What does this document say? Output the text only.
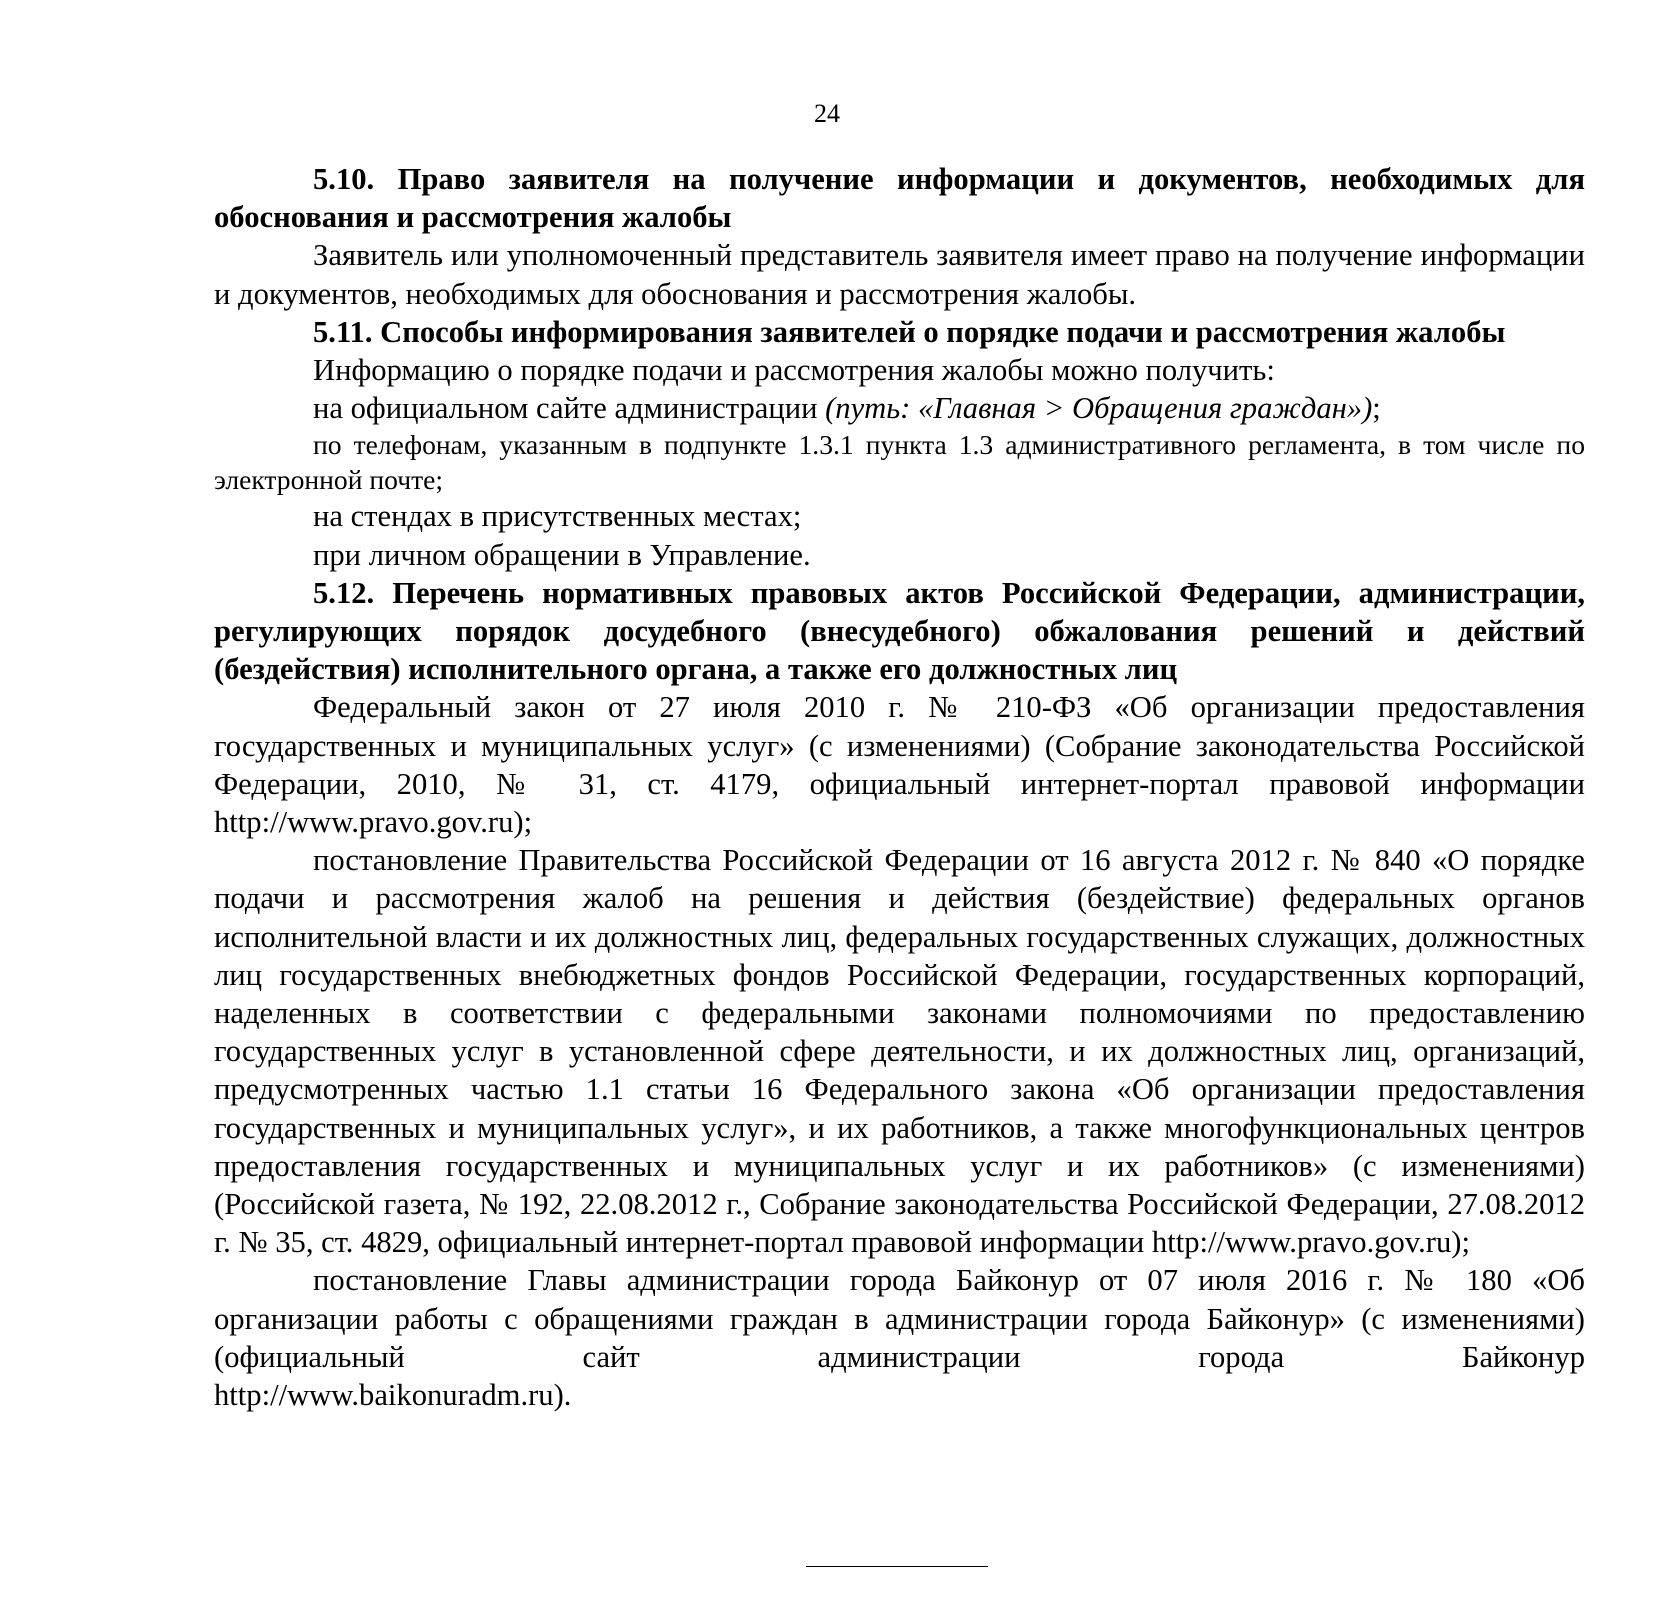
24

5.10. Право заявителя на получение информации и документов, необходимых для обоснования и рассмотрения жалобы

Заявитель или уполномоченный представитель заявителя имеет право на получение информации и документов, необходимых для обоснования и рассмотрения жалобы.

5.11. Способы информирования заявителей о порядке подачи и рассмотрения жалобы

Информацию о порядке подачи и рассмотрения жалобы можно получить:

на официальном сайте администрации (путь: «Главная > Обращения граждан»);

по телефонам, указанным в подпункте 1.3.1 пункта 1.3 административного регламента, в том числе по электронной почте;

на стендах в присутственных местах;

при личном обращении в Управление.

5.12. Перечень нормативных правовых актов Российской Федерации, администрации, регулирующих порядок досудебного (внесудебного) обжалования решений и действий (бездействия) исполнительного органа, а также его должностных лиц

Федеральный закон от 27 июля 2010 г. № 210-ФЗ «Об организации предоставления государственных и муниципальных услуг» (с изменениями) (Собрание законодательства Российской Федерации, 2010, № 31, ст. 4179, официальный интернет-портал правовой информации http://www.pravo.gov.ru);

постановление Правительства Российской Федерации от 16 августа 2012 г. № 840 «О порядке подачи и рассмотрения жалоб на решения и действия (бездействие) федеральных органов исполнительной власти и их должностных лиц, федеральных государственных служащих, должностных лиц государственных внебюджетных фондов Российской Федерации, государственных корпораций, наделенных в соответствии с федеральными законами полномочиями по предоставлению государственных услуг в установленной сфере деятельности, и их должностных лиц, организаций, предусмотренных частью 1.1 статьи 16 Федерального закона «Об организации предоставления государственных и муниципальных услуг», и их работников, а также многофункциональных центров предоставления государственных и муниципальных услуг и их работников» (с изменениями) (Российской газета, № 192, 22.08.2012 г., Собрание законодательства Российской Федерации, 27.08.2012 г. № 35, ст. 4829, официальный интернет-портал правовой информации http://www.pravo.gov.ru);

постановление Главы администрации города Байконур от 07 июля 2016 г. № 180 «Об организации работы с обращениями граждан в администрации города Байконур» (с изменениями) (официальный сайт администрации города Байконур

http://www.baikonuradm.ru).
